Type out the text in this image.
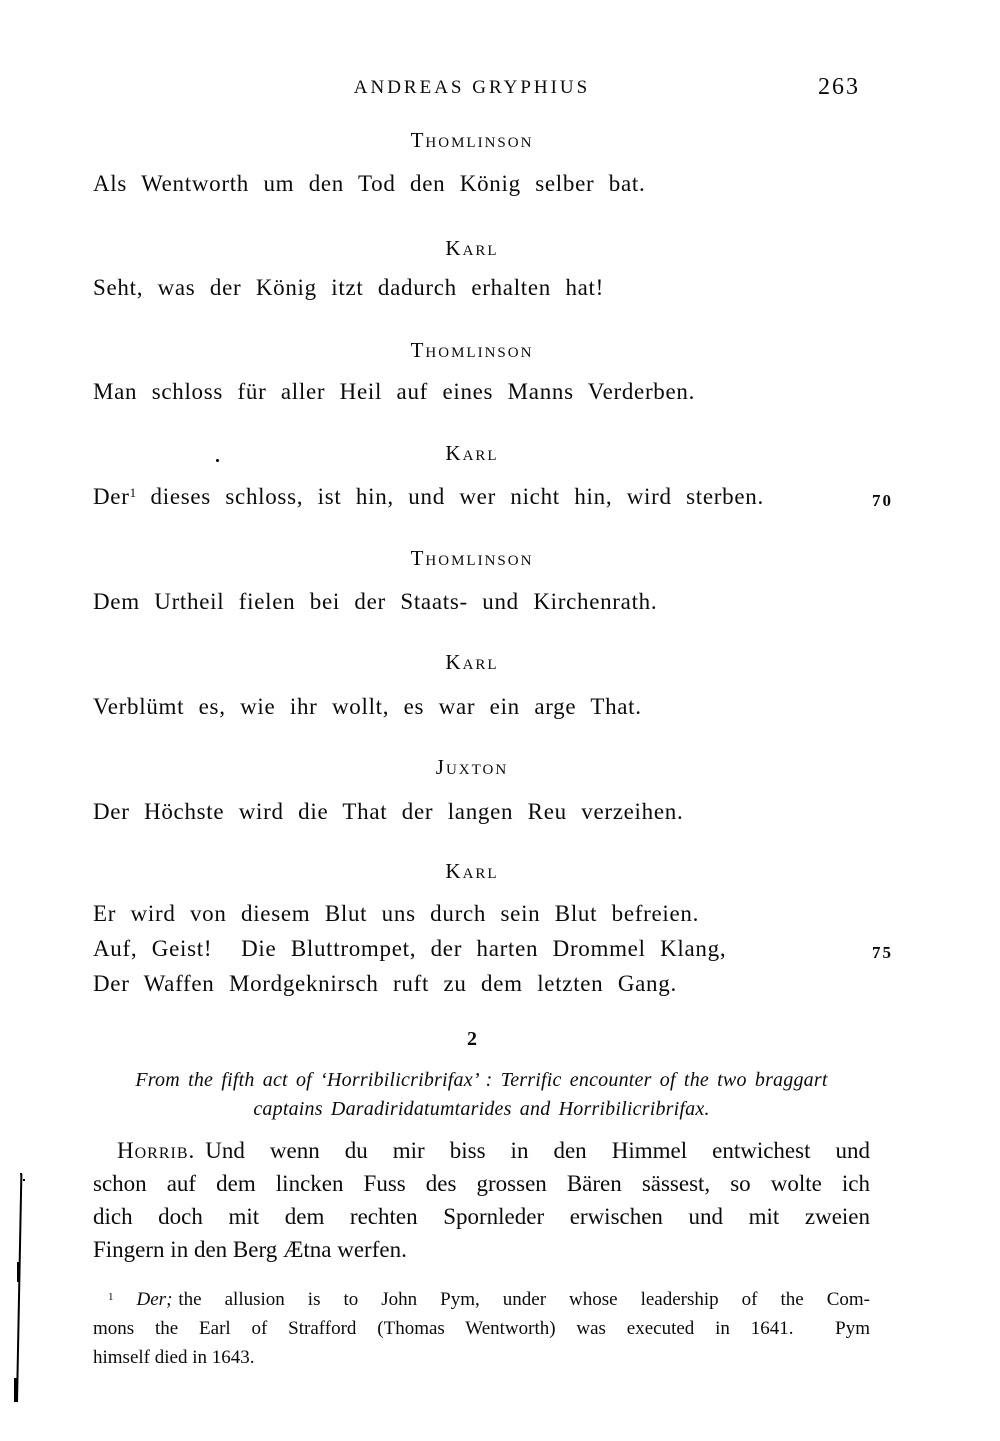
ANDREAS GRYPHIUS	263
Thomlinson
Als Wentworth um den Tod den König selber bat.
Karl
Seht, was der König itzt dadurch erhalten hat!
Thomlinson
Man schloss für aller Heil auf eines Manns Verderben.
Karl
Der$^1$ dieses schloss, ist hin, und wer nicht hin, wird sterben.	70
Thomlinson
Dem Urtheil fielen bei der Staats- und Kirchenrath.
Karl
Verblümt es, wie ihr wollt, es war ein arge That.
Juxton
Der Höchste wird die That der langen Reu verzeihen.
Karl
Er wird von diesem Blut uns durch sein Blut befreien.
Auf, Geist!  Die Bluttrompet, der harten Drommel Klang,	75
Der Waffen Mordgeknirsch ruft zu dem letzten Gang.
2
From the fifth act of ‘Horribilicribrifax’ : Terrific encounter of the two braggart
captains Daradiridatumtarides and Horribilicribrifax.
Horrib. Und wenn du mir biss in den Himmel entwichest und
schon auf dem lincken Fuss des grossen Bären sässest, so wolte ich
dich doch mit dem rechten Spornleder erwischen und mit zweien
Fingern in den Berg Ætna werfen.
$^1$ Der; the allusion is to John Pym, under whose leadership of the Com-
mons the Earl of Strafford (Thomas Wentworth) was executed in 1641.  Pym
himself died in 1643.
